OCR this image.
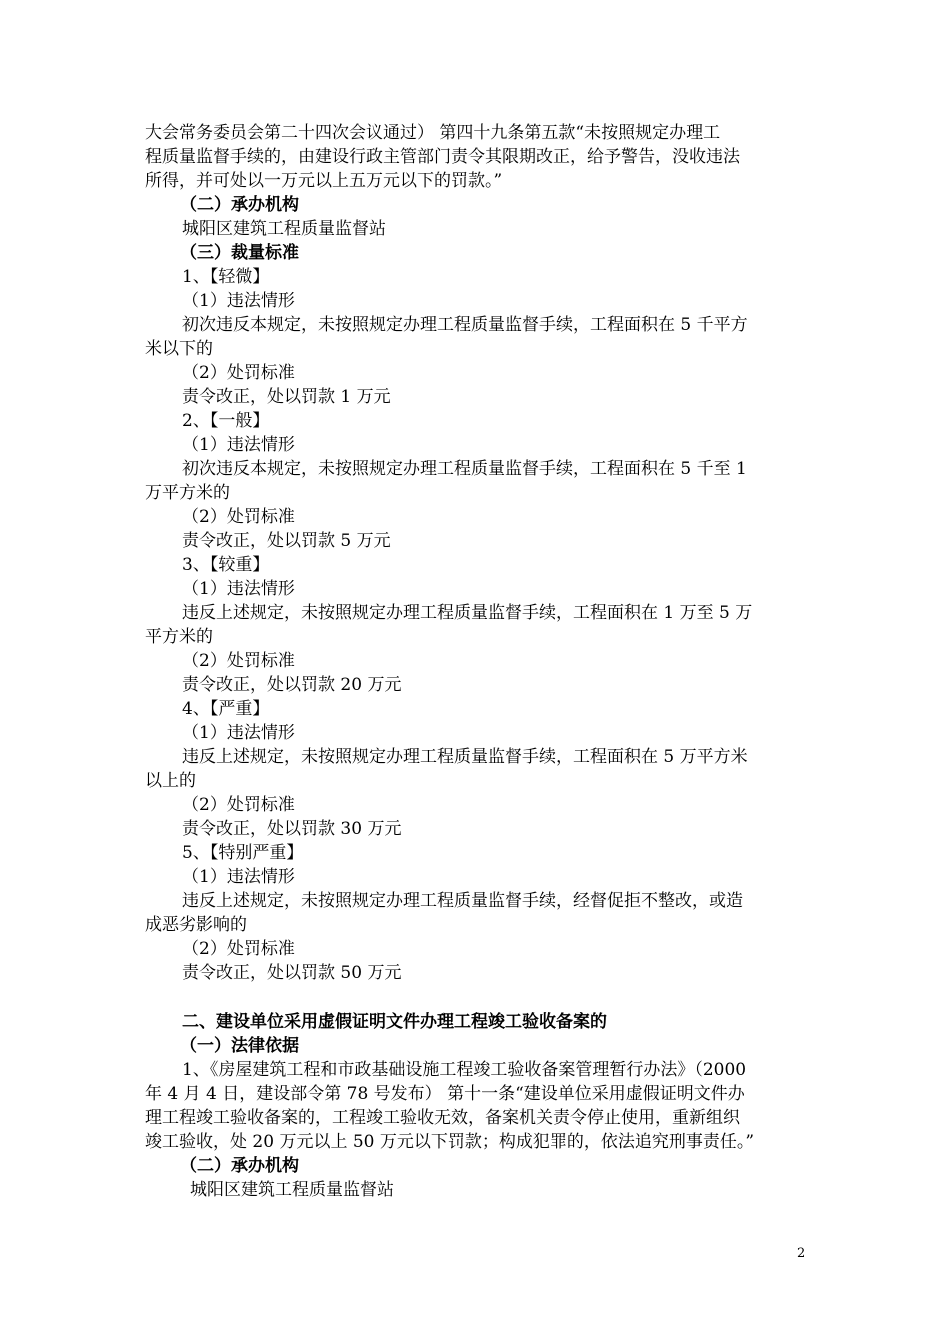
大会常务委员会第二十四次会议通过） 第四十九条第五款“未按照规定办理工
程质量监督手续的，由建设行政主管部门责令其限期改正，给予警告，没收违法
所得，并可处以一万元以上五万元以下的罚款。”
（二）承办机构
城阳区建筑工程质量监督站
（三）裁量标准
1、【轻微】
（1）违法情形
初次违反本规定，未按照规定办理工程质量监督手续，工程面积在 5 千平方
米以下的
（2）处罚标准
责令改正，处以罚款 1 万元
2、【一般】
（1）违法情形
初次违反本规定，未按照规定办理工程质量监督手续，工程面积在 5 千至 1
万平方米的
（2）处罚标准
责令改正，处以罚款 5 万元
3、【较重】
（1）违法情形
违反上述规定，未按照规定办理工程质量监督手续，工程面积在 1 万至 5 万
平方米的
（2）处罚标准
责令改正，处以罚款 20 万元
4、【严重】
（1）违法情形
违反上述规定，未按照规定办理工程质量监督手续，工程面积在 5 万平方米
以上的
（2）处罚标准
责令改正，处以罚款 30 万元
5、【特别严重】
（1）违法情形
违反上述规定，未按照规定办理工程质量监督手续，经督促拒不整改，或造
成恶劣影响的
（2）处罚标准
责令改正，处以罚款 50 万元
二、建设单位采用虚假证明文件办理工程竣工验收备案的
（一）法律依据
1、《房屋建筑工程和市政基础设施工程竣工验收备案管理暂行办法》（2000
年 4 月 4 日，建设部令第 78 号发布） 第十一条“建设单位采用虚假证明文件办
理工程竣工验收备案的，工程竣工验收无效，备案机关责令停止使用，重新组织
竣工验收，处 20 万元以上 50 万元以下罚款；构成犯罪的，依法追究刑事责任。”
（二）承办机构
城阳区建筑工程质量监督站
2
